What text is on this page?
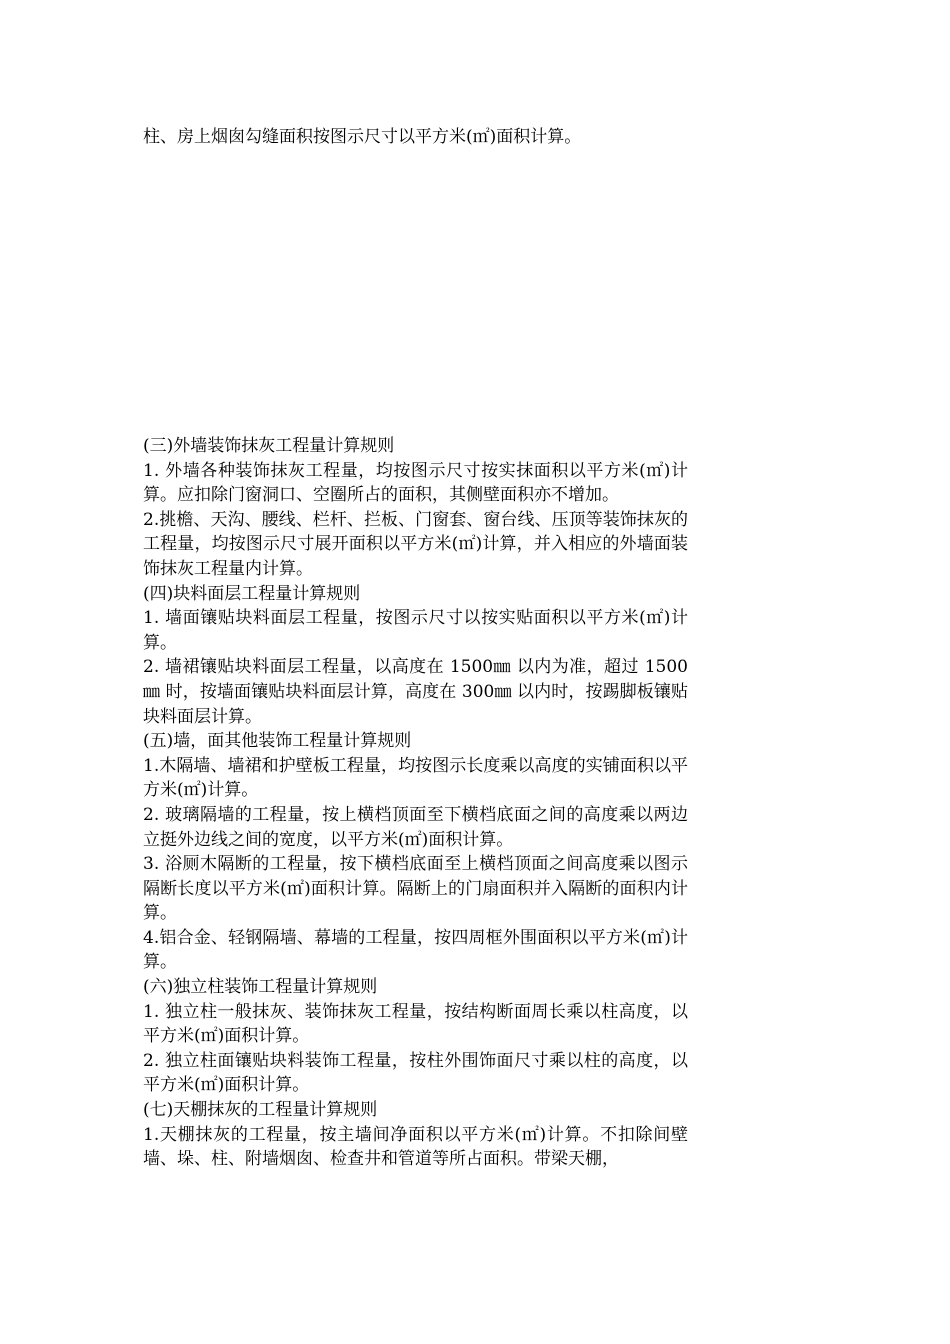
柱、房上烟囱勾缝面积按图示尺寸以平方米(㎡)面积计算。

(三)外墙装饰抹灰工程量计算规则

1. 外墙各种装饰抹灰工程量，均按图示尺寸按实抹面积以平方米(㎡)计算。应扣除门窗洞口、空圈所占的面积，其侧壁面积亦不增加。

2.挑檐、天沟、腰线、栏杆、拦板、门窗套、窗台线、压顶等装饰抹灰的工程量，均按图示尺寸展开面积以平方米(㎡)计算，并入相应的外墙面装饰抹灰工程量内计算。

(四)块料面层工程量计算规则

1. 墙面镶贴块料面层工程量，按图示尺寸以按实贴面积以平方米(㎡)计算。

2. 墙裙镶贴块料面层工程量，以高度在 1500㎜ 以内为准，超过 1500㎜ 时，按墙面镶贴块料面层计算，高度在 300㎜ 以内时，按踢脚板镶贴块料面层计算。

(五)墙，面其他装饰工程量计算规则

1.木隔墙、墙裙和护壁板工程量，均按图示长度乘以高度的实铺面积以平方米(㎡)计算。

2. 玻璃隔墙的工程量，按上横档顶面至下横档底面之间的高度乘以两边立挺外边线之间的宽度，以平方米(㎡)面积计算。

3. 浴厕木隔断的工程量，按下横档底面至上横档顶面之间高度乘以图示隔断长度以平方米(㎡)面积计算。隔断上的门扇面积并入隔断的面积内计算。

4.铝合金、轻钢隔墙、幕墙的工程量，按四周框外围面积以平方米(㎡)计算。

(六)独立柱装饰工程量计算规则

1. 独立柱一般抹灰、装饰抹灰工程量，按结构断面周长乘以柱高度，以平方米(㎡)面积计算。

2. 独立柱面镶贴块料装饰工程量，按柱外围饰面尺寸乘以柱的高度，以平方米(㎡)面积计算。

(七)天棚抹灰的工程量计算规则

1.天棚抹灰的工程量，按主墙间净面积以平方米(㎡)计算。不扣除间壁墙、垛、柱、附墙烟囱、检查井和管道等所占面积。带梁天棚，
